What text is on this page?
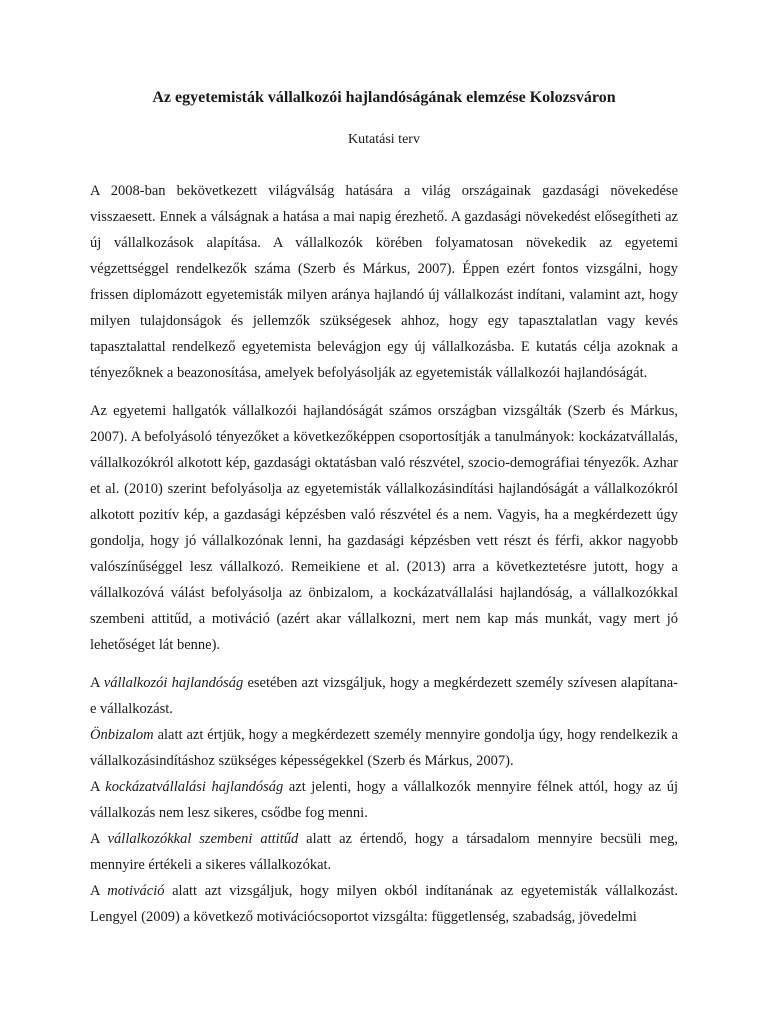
Az egyetemisták vállalkozói hajlandóságának elemzése Kolozsváron
Kutatási terv

A 2008-ban bekövetkezett világválság hatására a világ országainak gazdasági növekedése visszaesett. Ennek a válságnak a hatása a mai napig érezhető. A gazdasági növekedést elősegítheti az új vállalkozások alapítása. A vállalkozók körében folyamatosan növekedik az egyetemi végzettséggel rendelkezők száma (Szerb és Márkus, 2007). Éppen ezért fontos vizsgálni, hogy frissen diplomázott egyetemisták milyen aránya hajlandó új vállalkozást indítani, valamint azt, hogy milyen tulajdonságok és jellemzők szükségesek ahhoz, hogy egy tapasztalatlan vagy kevés tapasztalattal rendelkező egyetemista belevágjon egy új vállalkozásba. E kutatás célja azoknak a tényezőknek a beazonosítása, amelyek befolyásolják az egyetemisták vállalkozói hajlandóságát.

Az egyetemi hallgatók vállalkozói hajlandóságát számos országban vizsgálták (Szerb és Márkus, 2007). A befolyásoló tényezőket a következőképpen csoportosítják a tanulmányok: kockázatvállalás, vállalkozókról alkotott kép, gazdasági oktatásban való részvétel, szocio-demográfiai tényezők. Azhar et al. (2010) szerint befolyásolja az egyetemisták vállalkozásindítási hajlandóságát a vállalkozókról alkotott pozitív kép, a gazdasági képzésben való részvétel és a nem. Vagyis, ha a megkérdezett úgy gondolja, hogy jó vállalkozónak lenni, ha gazdasági képzésben vett részt és férfi, akkor nagyobb valószínűséggel lesz vállalkozó. Remeikiene et al. (2013) arra a következtetésre jutott, hogy a vállalkozóvá válást befolyásolja az önbizalom, a kockázatvállalási hajlandóság, a vállalkozókkal szembeni attitűd, a motiváció (azért akar vállalkozni, mert nem kap más munkát, vagy mert jó lehetőséget lát benne).

A vállalkozói hajlandóság esetében azt vizsgáljuk, hogy a megkérdezett személy szívesen alapítana-e vállalkozást.

Önbizalom alatt azt értjük, hogy a megkérdezett személy mennyire gondolja úgy, hogy rendelkezik a vállalkozásindításhoz szükséges képességekkel (Szerb és Márkus, 2007).

A kockázatvállalási hajlandóság azt jelenti, hogy a vállalkozók mennyire félnek attól, hogy az új vállalkozás nem lesz sikeres, csődbe fog menni.

A vállalkozókkal szembeni attitűd alatt az értendő, hogy a társadalom mennyire becsüli meg, mennyire értékeli a sikeres vállalkozókat.

A motiváció alatt azt vizsgáljuk, hogy milyen okból indítanának az egyetemisták vállalkozást. Lengyel (2009) a következő motivációcsoportot vizsgálta: függetlenség, szabadság, jövedelmi
